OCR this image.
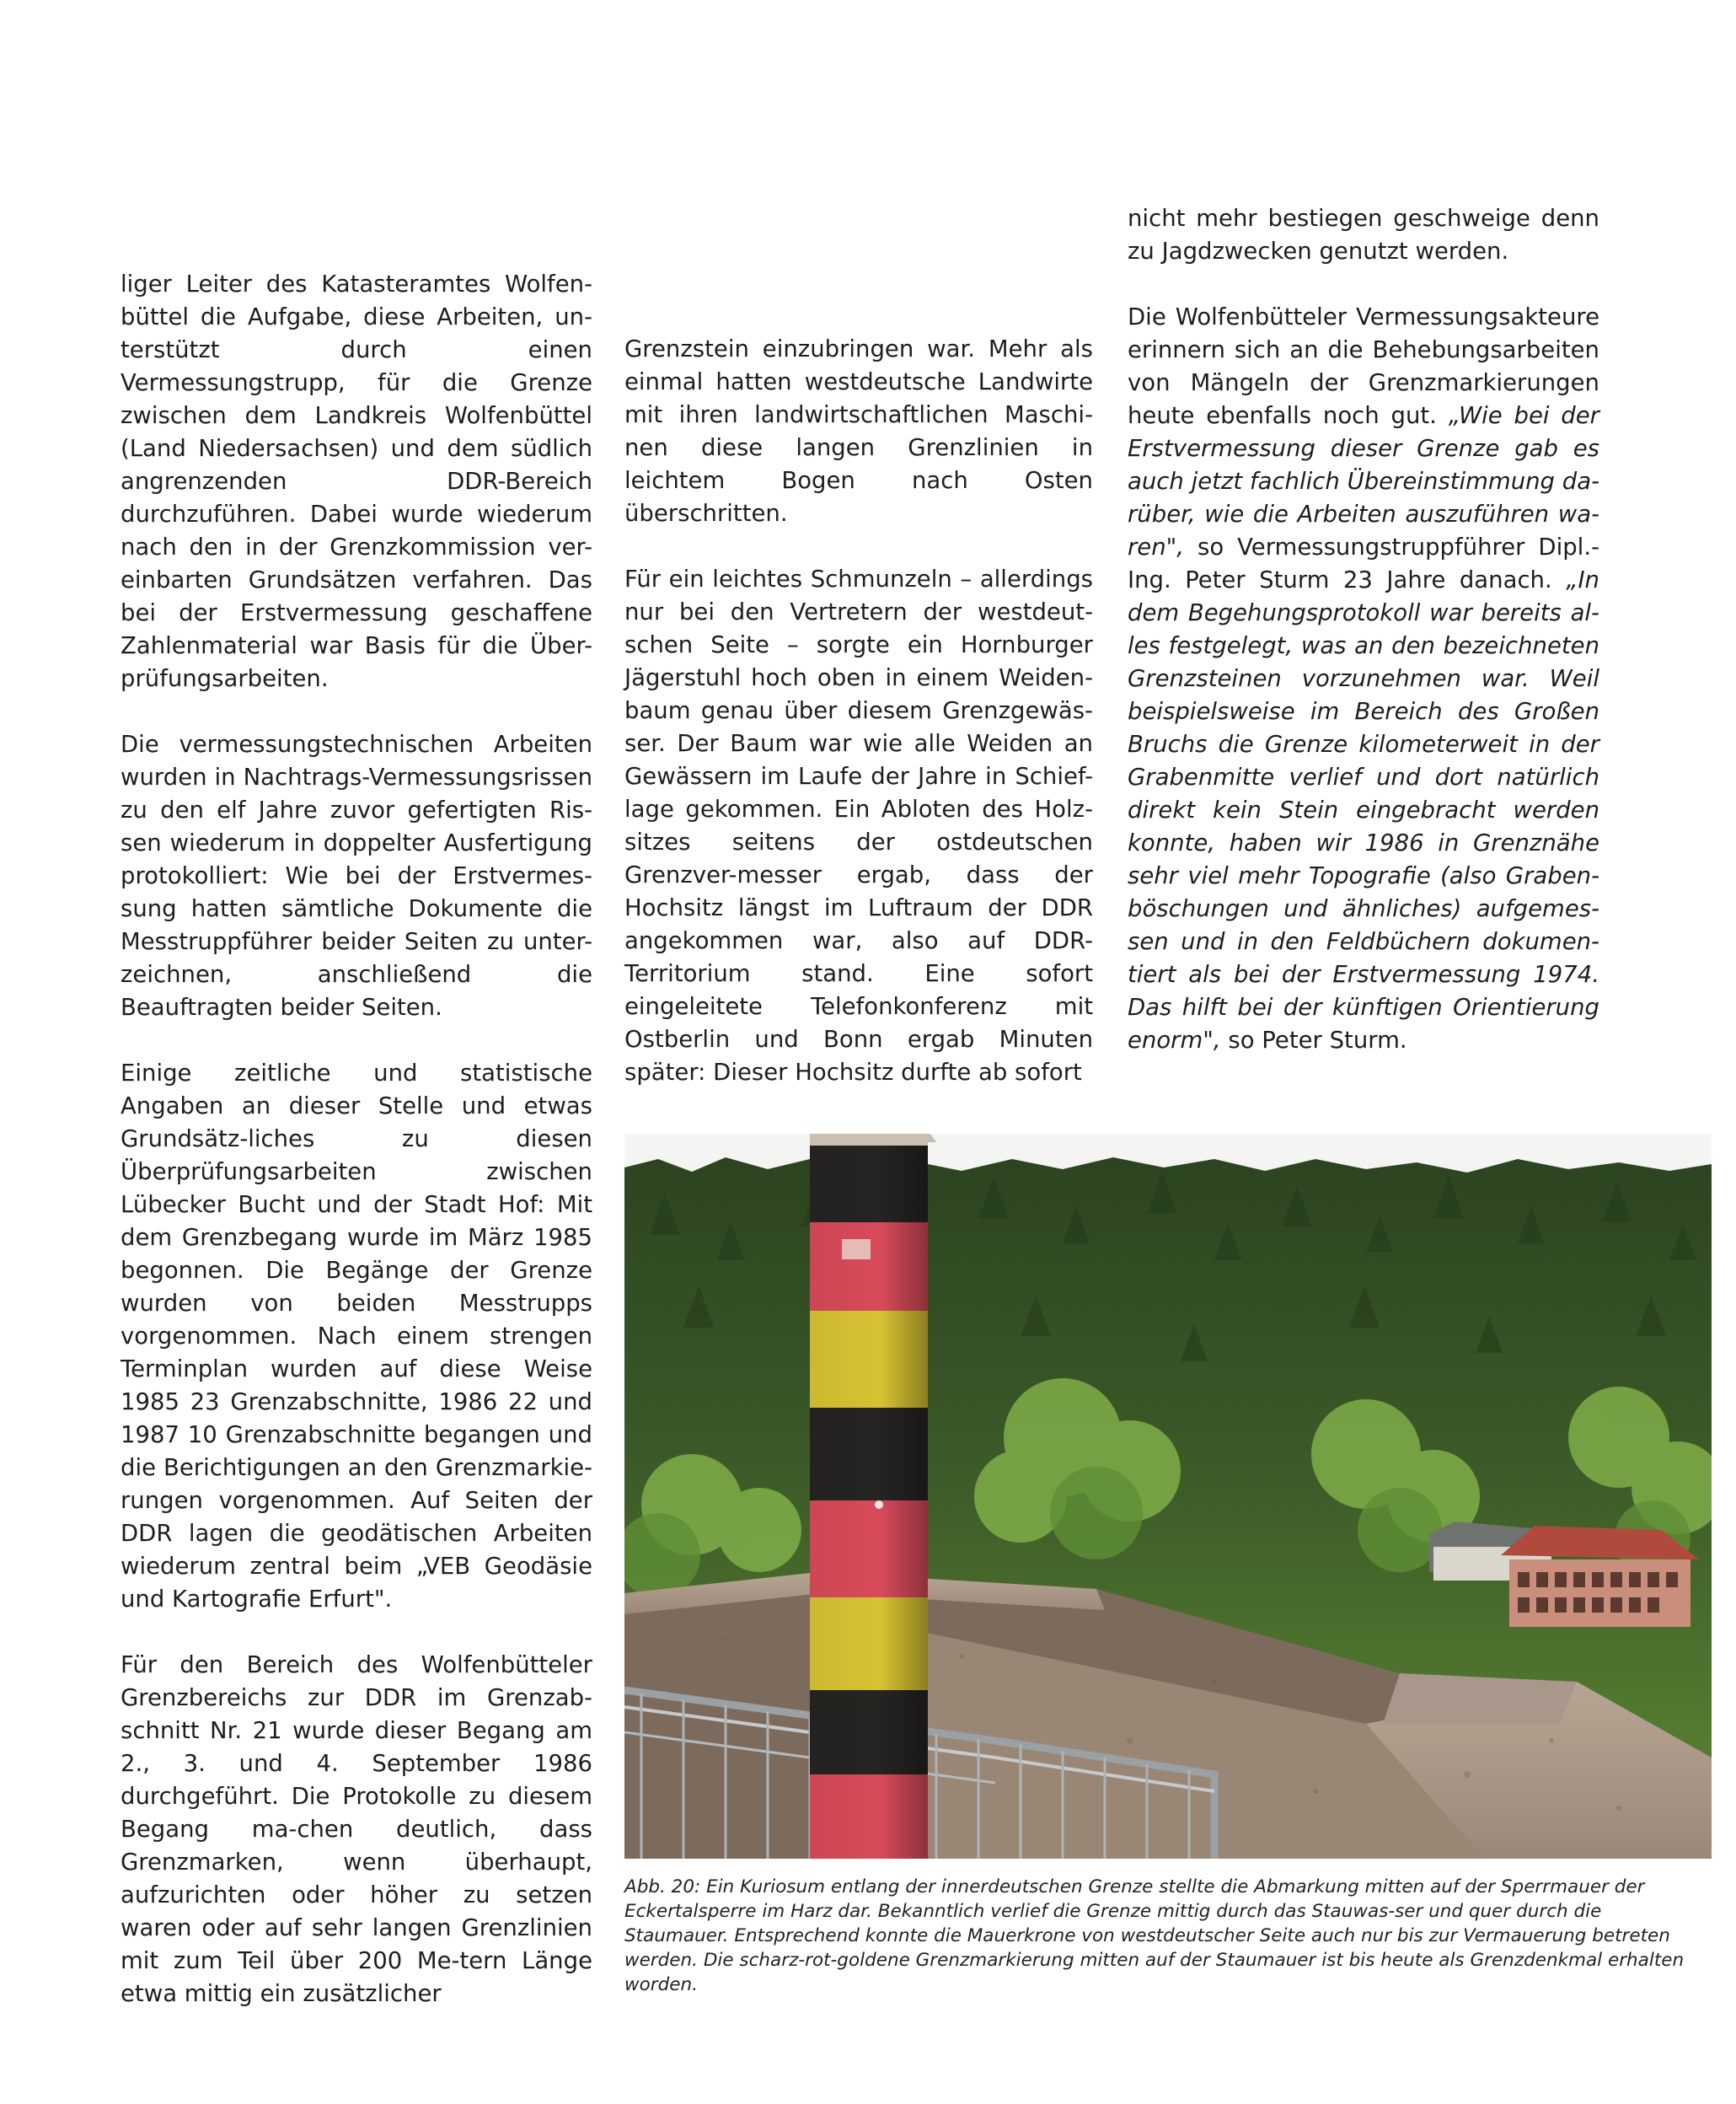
liger Leiter des Katasteramtes Wolfen-büttel die Aufgabe, diese Arbeiten, un-terstützt durch einen Vermessungstrupp, für die Grenze zwischen dem Landkreis Wolfenbüttel (Land Niedersachsen) und dem südlich angrenzenden DDR-Bereich durchzuführen. Dabei wurde wiederum nach den in der Grenzkommission ver-einbarten Grundsätzen verfahren. Das bei der Erstvermessung geschaffene Zahlenmaterial war Basis für die Über-prüfungsarbeiten.

Die vermessungstechnischen Arbeiten wurden in Nachtrags-Vermessungsrissen zu den elf Jahre zuvor gefertigten Ris-sen wiederum in doppelter Ausfertigung protokolliert: Wie bei der Erstvermes-sung hatten sämtliche Dokumente die Messtruppführer beider Seiten zu unter-zeichnen, anschließend die Beauftragten beider Seiten.

Einige zeitliche und statistische Angaben an dieser Stelle und etwas Grundsätz-liches zu diesen Überprüfungsarbeiten zwischen Lübecker Bucht und der Stadt Hof: Mit dem Grenzbegang wurde im März 1985 begonnen. Die Begänge der Grenze wurden von beiden Messtrupps vorgenommen. Nach einem strengen Terminplan wurden auf diese Weise 1985 23 Grenzabschnitte, 1986 22 und 1987 10 Grenzabschnitte begangen und die Berichtigungen an den Grenzmarkie-rungen vorgenommen. Auf Seiten der DDR lagen die geodätischen Arbeiten wiederum zentral beim „VEB Geodäsie und Kartografie Erfurt".

Für den Bereich des Wolfenbütteler Grenzbereichs zur DDR im Grenzab-schnitt Nr. 21 wurde dieser Begang am 2., 3. und 4. September 1986 durchgeführt. Die Protokolle zu diesem Begang ma-chen deutlich, dass Grenzmarken, wenn überhaupt, aufzurichten oder höher zu setzen waren oder auf sehr langen Grenzlinien mit zum Teil über 200 Me-tern Länge etwa mittig ein zusätzlicher

Grenzstein einzubringen war. Mehr als einmal hatten westdeutsche Landwirte mit ihren landwirtschaftlichen Maschi-nen diese langen Grenzlinien in leichtem Bogen nach Osten überschritten.

Für ein leichtes Schmunzeln – allerdings nur bei den Vertretern der westdeut-schen Seite – sorgte ein Hornburger Jägerstuhl hoch oben in einem Weiden-baum genau über diesem Grenzgewäs-ser. Der Baum war wie alle Weiden an Gewässern im Laufe der Jahre in Schief-lage gekommen. Ein Abloten des Holz-sitzes seitens der ostdeutschen Grenzver-messer ergab, dass der Hochsitz längst im Luftraum der DDR angekommen war, also auf DDR-Territorium stand. Eine sofort eingeleitete Telefonkonferenz mit Ostberlin und Bonn ergab Minuten später: Dieser Hochsitz durfte ab sofort

nicht mehr bestiegen geschweige denn zu Jagdzwecken genutzt werden.

Die Wolfenbütteler Vermessungsakteure erinnern sich an die Behebungsarbeiten von Mängeln der Grenzmarkierungen heute ebenfalls noch gut. „Wie bei der Erstvermessung dieser Grenze gab es auch jetzt fachlich Übereinstimmung da-rüber, wie die Arbeiten auszuführen wa-ren", so Vermessungstruppführer Dipl.-Ing. Peter Sturm 23 Jahre danach. „In dem Begehungsprotokoll war bereits al-les festgelegt, was an den bezeichneten Grenzsteinen vorzunehmen war. Weil beispielsweise im Bereich des Großen Bruchs die Grenze kilometerweit in der Grabenmitte verlief und dort natürlich direkt kein Stein eingebracht werden konnte, haben wir 1986 in Grenznähe sehr viel mehr Topografie (also Graben-böschungen und ähnliches) aufgemes-sen und in den Feldbüchern dokumen-tiert als bei der Erstvermessung 1974. Das hilft bei der künftigen Orientierung enorm", so Peter Sturm.

Abb. 20: Ein Kuriosum entlang der innerdeutschen Grenze stellte die Abmarkung mitten auf der Sperrmauer der Eckertalsperre im Harz dar. Bekanntlich verlief die Grenze mittig durch das Stauwas-ser und quer durch die Staumauer. Entsprechend konnte die Mauerkrone von westdeutscher Seite auch nur bis zur Vermauerung betreten werden. Die scharz-rot-goldene Grenzmarkierung mitten auf der Staumauer ist bis heute als Grenzdenkmal erhalten worden.
